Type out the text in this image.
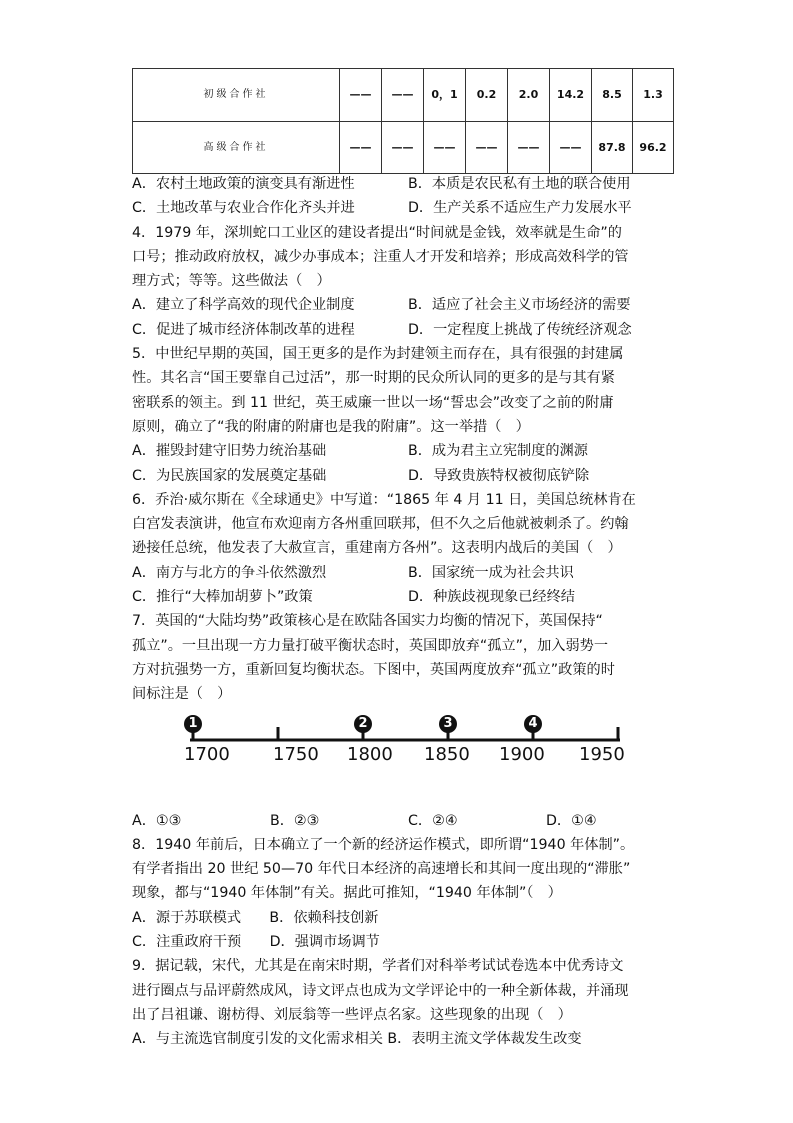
初级合作社	——	——	0，1	0.2	2.0	14.2	8.5	1.3
高级合作社	——	——	——	——	——	——	87.8	96.2
A．农村土地政策的演变具有渐进性	B．本质是农民私有土地的联合使用
C．土地改革与农业合作化齐头并进	D．生产关系不适应生产力发展水平
4．1979 年，深圳蛇口工业区的建设者提出“时间就是金钱，效率就是生命”的
口号；推动政府放权，减少办事成本；注重人才开发和培养；形成高效科学的管
理方式；等等。这些做法（　）
A．建立了科学高效的现代企业制度	B．适应了社会主义市场经济的需要
C．促进了城市经济体制改革的进程	D．一定程度上挑战了传统经济观念
5．中世纪早期的英国，国王更多的是作为封建领主而存在，具有很强的封建属
性。其名言“国王要靠自己过活”，那一时期的民众所认同的更多的是与其有紧
密联系的领主。到 11 世纪，英王威廉一世以一场“誓忠会”改变了之前的附庸
原则，确立了“我的附庸的附庸也是我的附庸”。这一举措（　）
A．摧毁封建守旧势力统治基础	B．成为君主立宪制度的渊源
C．为民族国家的发展奠定基础	D．导致贵族特权被彻底铲除
6．乔治·威尔斯在《全球通史》中写道：“1865 年 4 月 11 日，美国总统林肯在
白宫发表演讲，他宣布欢迎南方各州重回联邦，但不久之后他就被刺杀了。约翰
逊接任总统，他发表了大赦宣言，重建南方各州”。这表明内战后的美国（　）
A．南方与北方的争斗依然激烈	B．国家统一成为社会共识
C．推行“大棒加胡萝卜”政策	D．种族歧视现象已经终结
7．英国的“大陆均势”政策核心是在欧陆各国实力均衡的情况下，英国保持“
孤立”。一旦出现一方力量打破平衡状态时，英国即放弃“孤立”，加入弱势一
方对抗强势一方，重新回复均衡状态。下图中，英国两度放弃“孤立”政策的时
间标注是（　）
A．①③	B．②③	C．②④	D．①④
8．1940 年前后，日本确立了一个新的经济运作模式，即所谓“1940 年体制”。
有学者指出 20 世纪 50—70 年代日本经济的高速增长和其间一度出现的“滞胀”
现象，都与“1940 年体制”有关。据此可推知，“1940 年体制”（　）
A．源于苏联模式　　B．依赖科技创新
C．注重政府干预　　D．强调市场调节
9．据记载，宋代，尤其是在南宋时期，学者们对科举考试试卷选本中优秀诗文
进行圈点与品评蔚然成风，诗文评点也成为文学评论中的一种全新体裁，并涌现
出了吕祖谦、谢枋得、刘辰翁等一些评点名家。这些现象的出现（　）
A．与主流选官制度引发的文化需求相关 B．表明主流文学体裁发生改变
1	2	3	4
1700 1750 1800 1850 1900 1950
